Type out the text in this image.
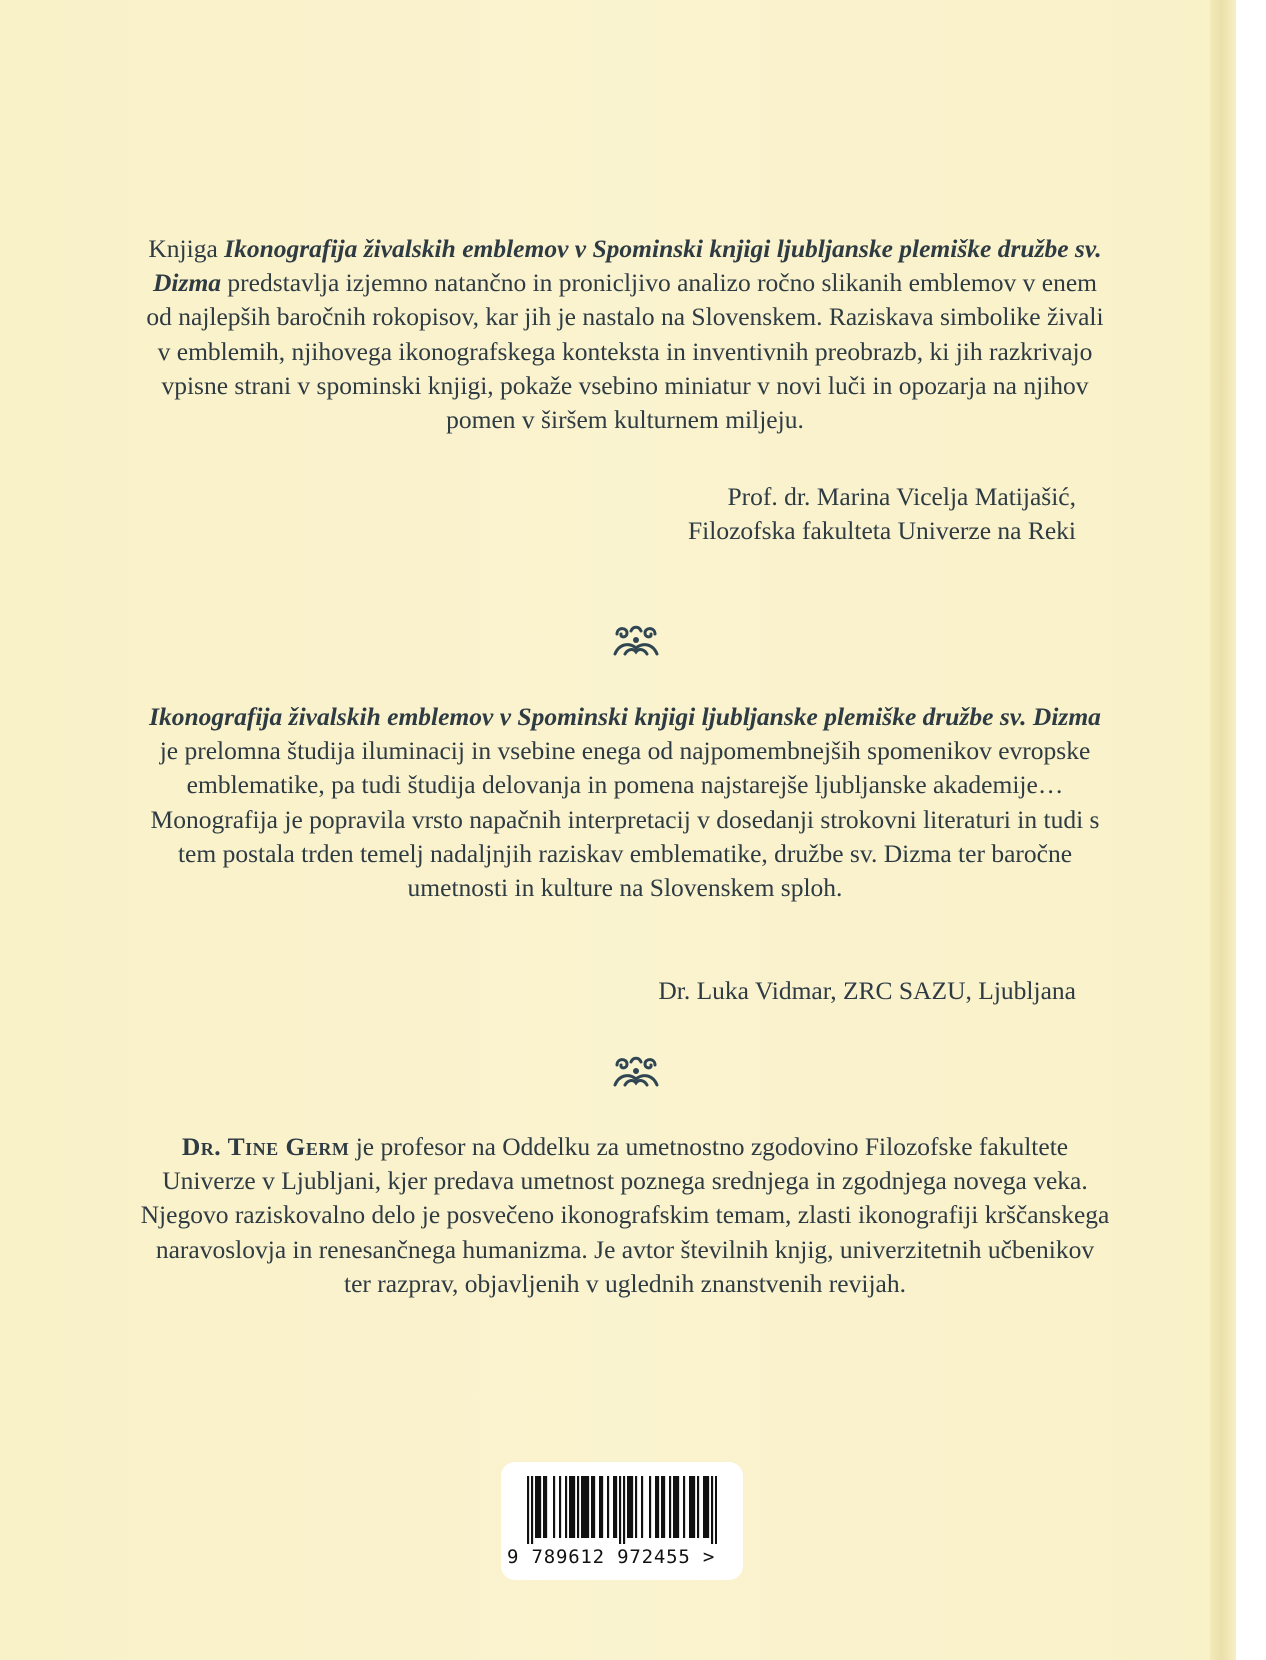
Knjiga Ikonografija živalskih emblemov v Spominski knjigi ljubljanske plemiške družbe sv. Dizma predstavlja izjemno natančno in pronicljivo analizo ročno slikanih emblemov v enem od najlepših baročnih rokopisov, kar jih je nastalo na Slovenskem. Raziskava simbolike živali v emblemih, njihovega ikonografskega konteksta in inventivnih preobrazb, ki jih razkrivajo vpisne strani v spominski knjigi, pokaže vsebino miniatur v novi luči in opozarja na njihov pomen v širšem kulturnem milјeju.

Prof. dr. Marina Vicelja Matijašić,
Filozofska fakulteta Univerze na Reki

Ikonografija živalskih emblemov v Spominski knjigi ljubljanske plemiške družbe sv. Dizma je prelomna študija iluminacij in vsebine enega od najpomembnejših spomenikov evropske emblematike, pa tudi študija delovanja in pomena najstarejše ljubljanske akademije… Monografija je popravila vrsto napačnih interpretacij v dosedanji strokovni literaturi in tudi s tem postala trden temelj nadaljnjih raziskav emblematike, družbe sv. Dizma ter baročne umetnosti in kulture na Slovenskem sploh.

Dr. Luka Vidmar, ZRC SAZU, Ljubljana

Dr. Tine Germ je profesor na Oddelku za umetnostno zgodovino Filozofske fakultete Univerze v Ljubljani, kjer predava umetnost poznega srednjega in zgodnjega novega veka. Njegovo raziskovalno delo je posvečeno ikonografskim temam, zlasti ikonografiji krščanskega naravoslovja in renesančnega humanizma. Je avtor številnih knjig, univerzitetnih učbenikov ter razprav, objavljenih v uglednih znanstvenih revijah.

9 789612 972455 >
